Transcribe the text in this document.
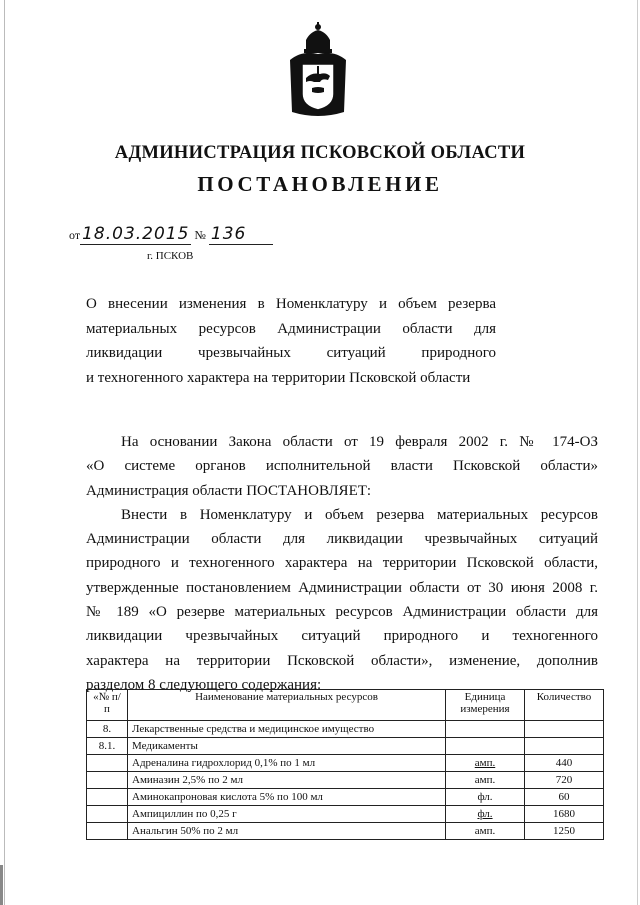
АДМИНИСТРАЦИЯ ПСКОВСКОЙ ОБЛАСТИ
ПОСТАНОВЛЕНИЕ
от 18.03.2015 № 136
г. ПСКОВ
О внесении изменения в Номенклатуру и объем резерва
материальных ресурсов Администрации области для
ликвидации чрезвычайных ситуаций природного
и техногенного характера на территории Псковской области
На основании Закона области от 19 февраля 2002 г. № 174-ОЗ
«О системе органов исполнительной власти Псковской области»
Администрация области ПОСТАНОВЛЯЕТ:
Внести в Номенклатуру и объем резерва материальных ресурсов
Администрации области для ликвидации чрезвычайных ситуаций
природного и техногенного характера на территории Псковской области,
утвержденные постановлением Администрации области от 30 июня 2008 г.
№ 189 «О резерве материальных ресурсов Администрации области для
ликвидации чрезвычайных ситуаций природного и техногенного
характера на территории Псковской области», изменение, дополнив
разделом 8 следующего содержания:
«№ п/п	Наименование материальных ресурсов	Единица измерения	Количество
8.	Лекарственные средства и медицинское имущество		
8.1.	Медикаменты		
	Адреналина гидрохлорид 0,1% по 1 мл	амп.	440
	Аминазин 2,5% по 2 мл	амп.	720
	Аминокапроновая кислота 5% по 100 мл	фл.	60
	Ампициллин по 0,25 г	фл.	1680
	Анальгин 50% по 2 мл	амп.	1250
